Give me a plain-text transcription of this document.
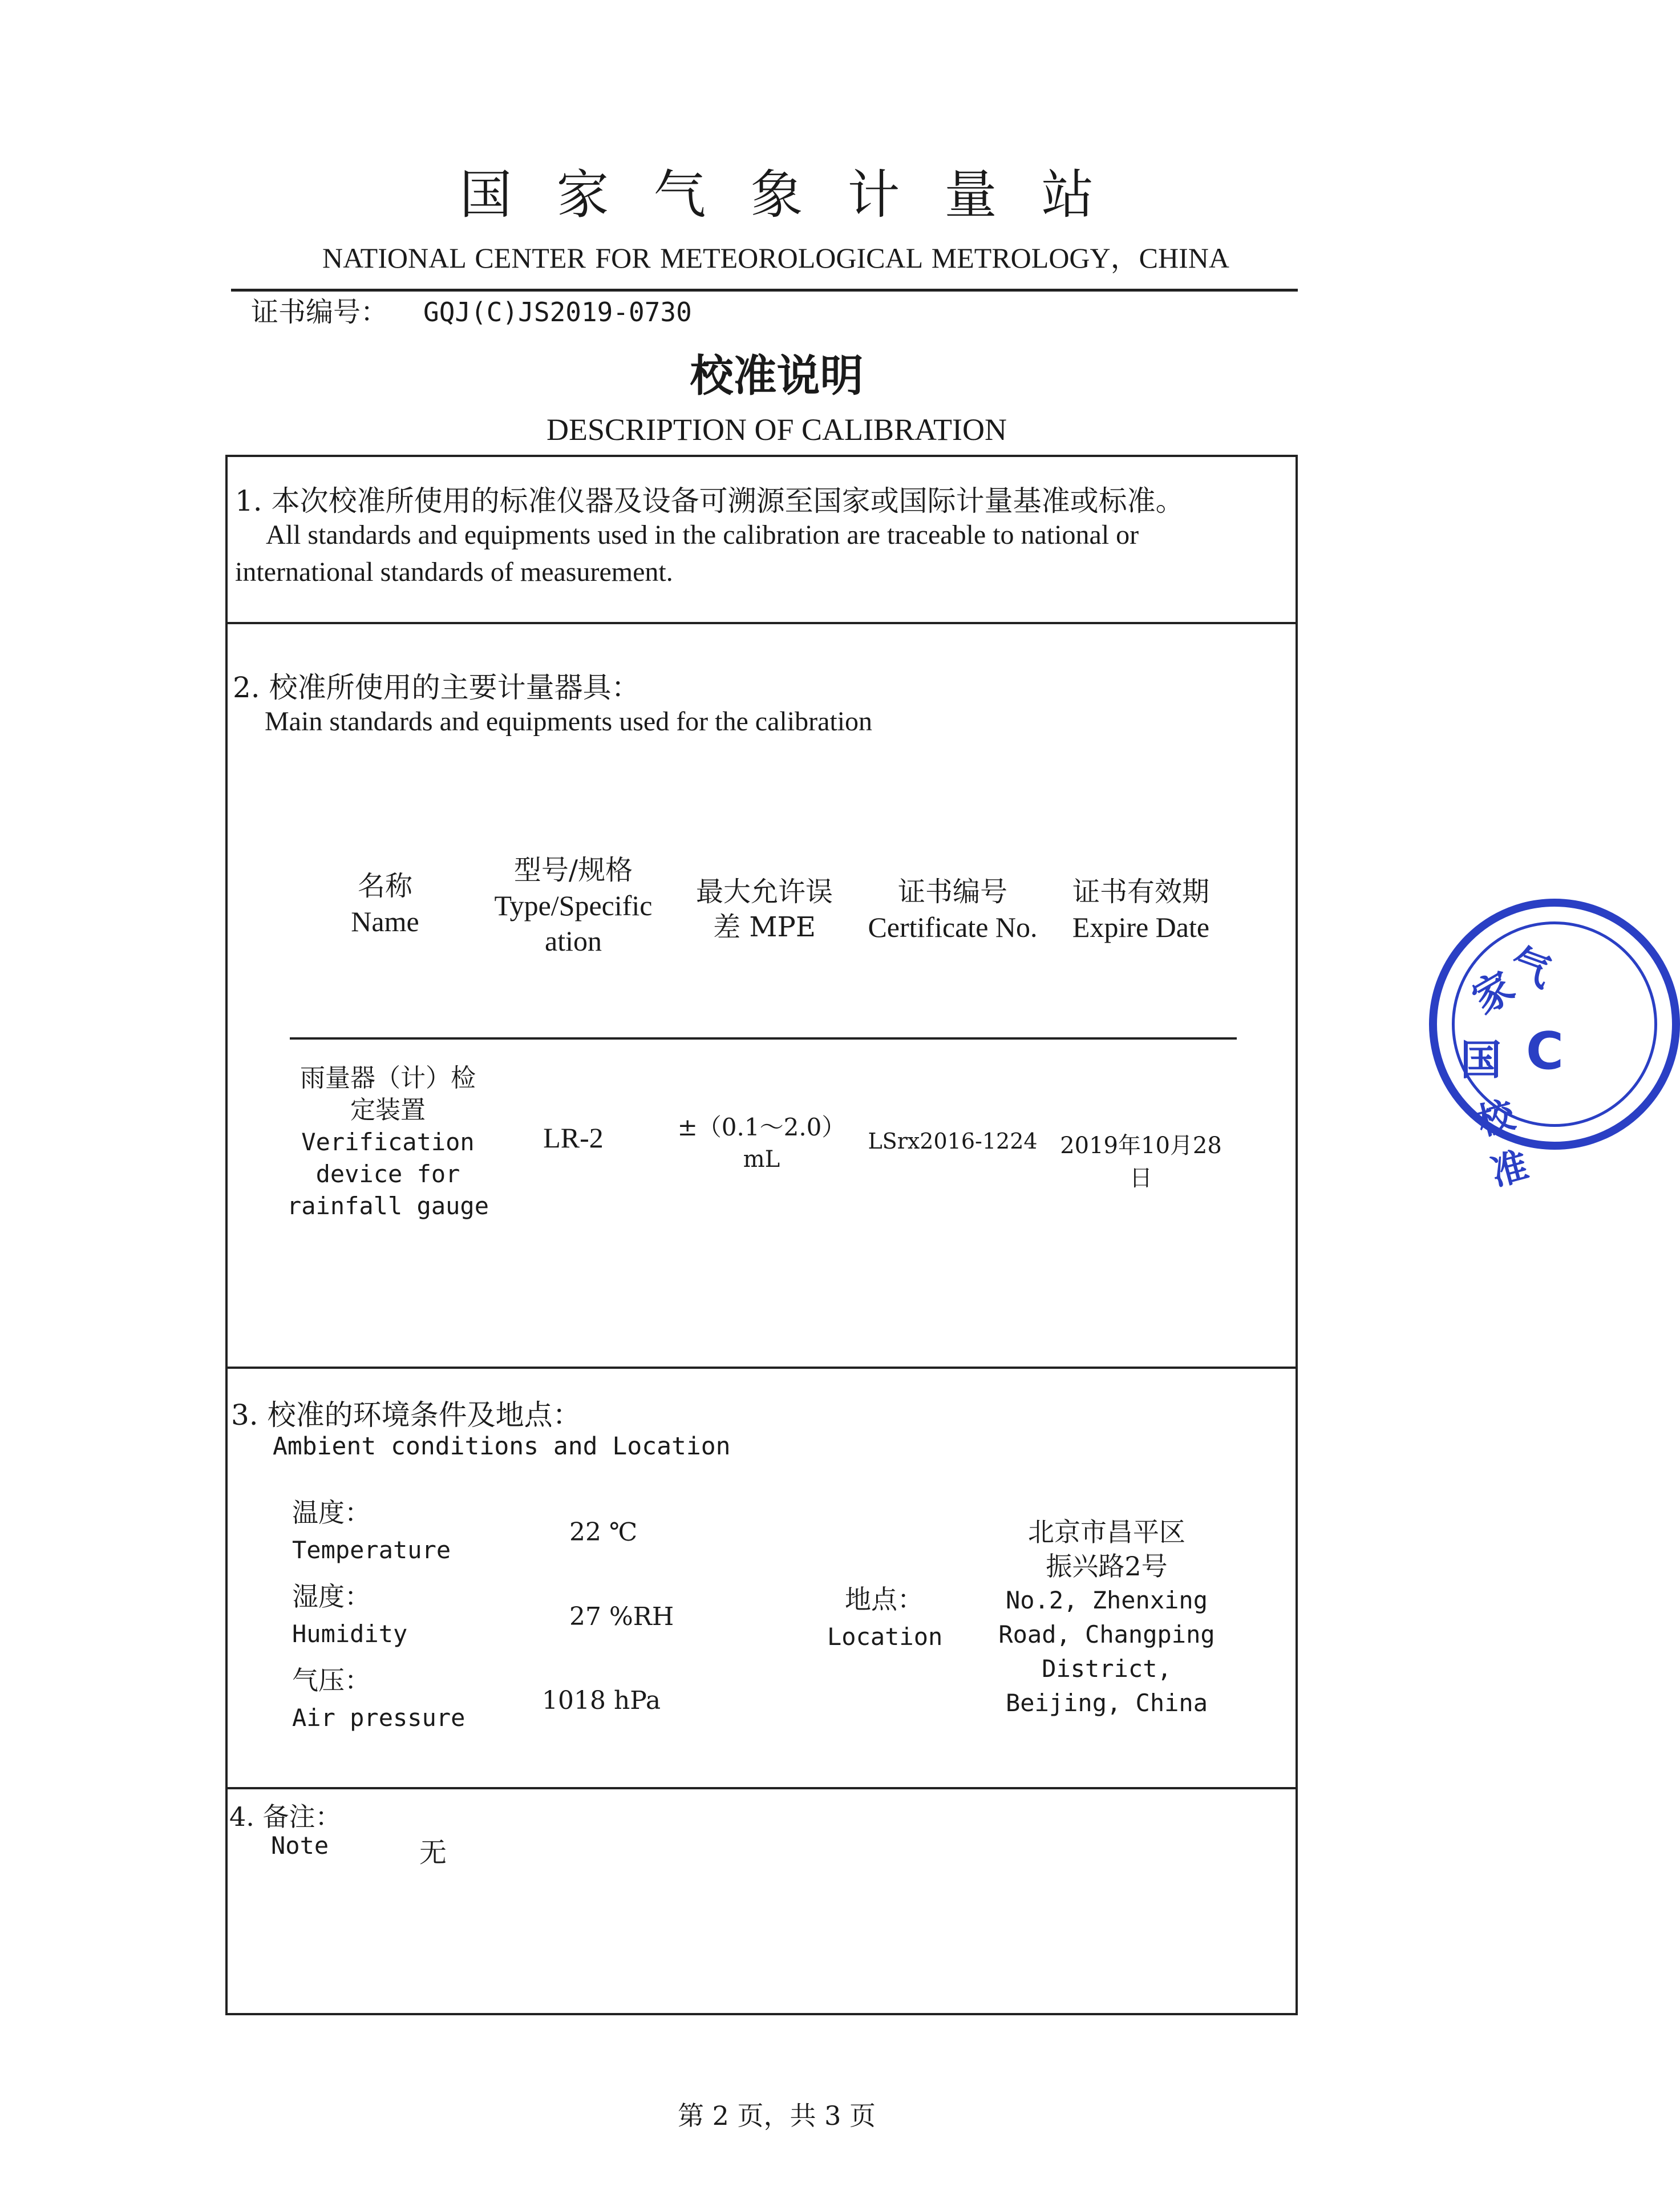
国家气象计量站
NATIONAL CENTER FOR METEOROLOGICAL METROLOGY，CHINA
证书编号： GQJ(C)JS2019-0730
校准说明
DESCRIPTION OF CALIBRATION
1. 本次校准所使用的标准仪器及设备可溯源至国家或国际计量基准或标准。
All standards and equipments used in the calibration are traceable to national or
international standards of measurement.
2. 校准所使用的主要计量器具：
Main standards and equipments used for the calibration
名称
Name
型号/规格
Type/Specific
ation
最大允许误
差 MPE
证书编号
Certificate No.
证书有效期
Expire Date
雨量器（计）检
定装置
Verification
device for
rainfall gauge
LR-2	±（0.1～2.0）
mL
LSrx2016-1224 2019年10月28日
3. 校准的环境条件及地点：
Ambient conditions and Location
温度：
Temperature
22 ℃
湿度：
Humidity
27 %RH
气压：
Air pressure
1018 hPa
地点：
Location
北京市昌平区
振兴路2号
No.2, Zhenxing
Road, Changping
District,
Beijing, China
4. 备注：
Note	无
第 2 页，共 3 页
气
国
家
C
校准
